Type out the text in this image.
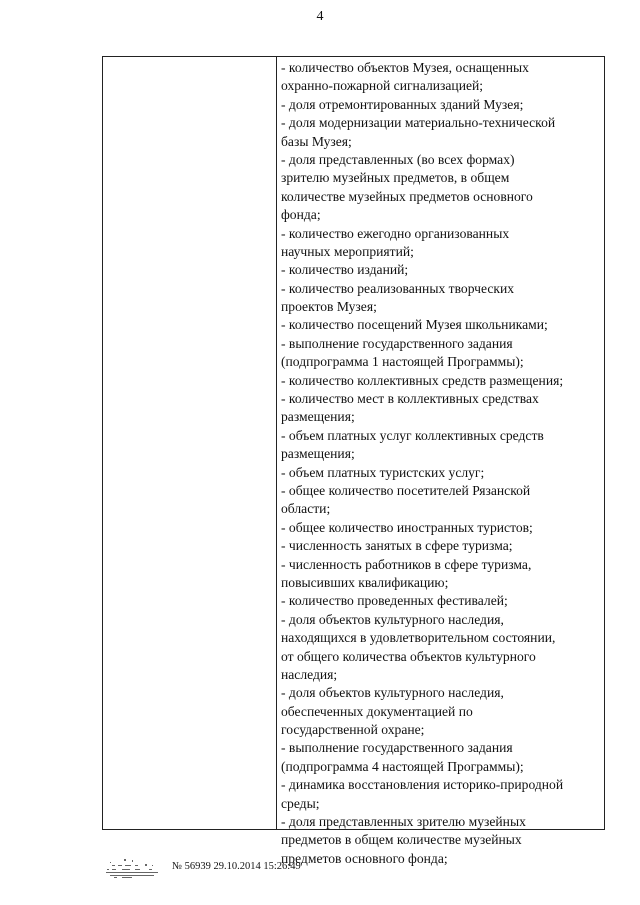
4
- количество объектов Музея, оснащенных
охранно-пожарной сигнализацией;
- доля отремонтированных зданий Музея;
- доля модернизации материально-технической
базы Музея;
- доля представленных (во всех формах)
зрителю музейных предметов, в общем
количестве музейных предметов основного
фонда;
- количество ежегодно организованных
научных мероприятий;
- количество изданий;
- количество реализованных творческих
проектов Музея;
- количество посещений Музея школьниками;
- выполнение государственного задания
(подпрограмма 1 настоящей Программы);
- количество коллективных средств размещения;
- количество мест в коллективных средствах
размещения;
- объем платных услуг коллективных средств
размещения;
- объем платных туристских услуг;
- общее количество посетителей Рязанской
области;
- общее количество иностранных туристов;
- численность занятых в сфере туризма;
- численность работников в сфере туризма,
повысивших квалификацию;
- количество проведенных фестивалей;
- доля объектов культурного наследия,
находящихся в удовлетворительном состоянии,
от общего количества объектов культурного
наследия;
- доля объектов культурного наследия,
обеспеченных документацией по
государственной охране;
- выполнение государственного задания
(подпрограмма 4 настоящей Программы);
- динамика восстановления историко-природной
среды;
- доля представленных зрителю музейных
предметов в общем количестве музейных
предметов основного фонда;
№ 56939 29.10.2014 15:26:49
